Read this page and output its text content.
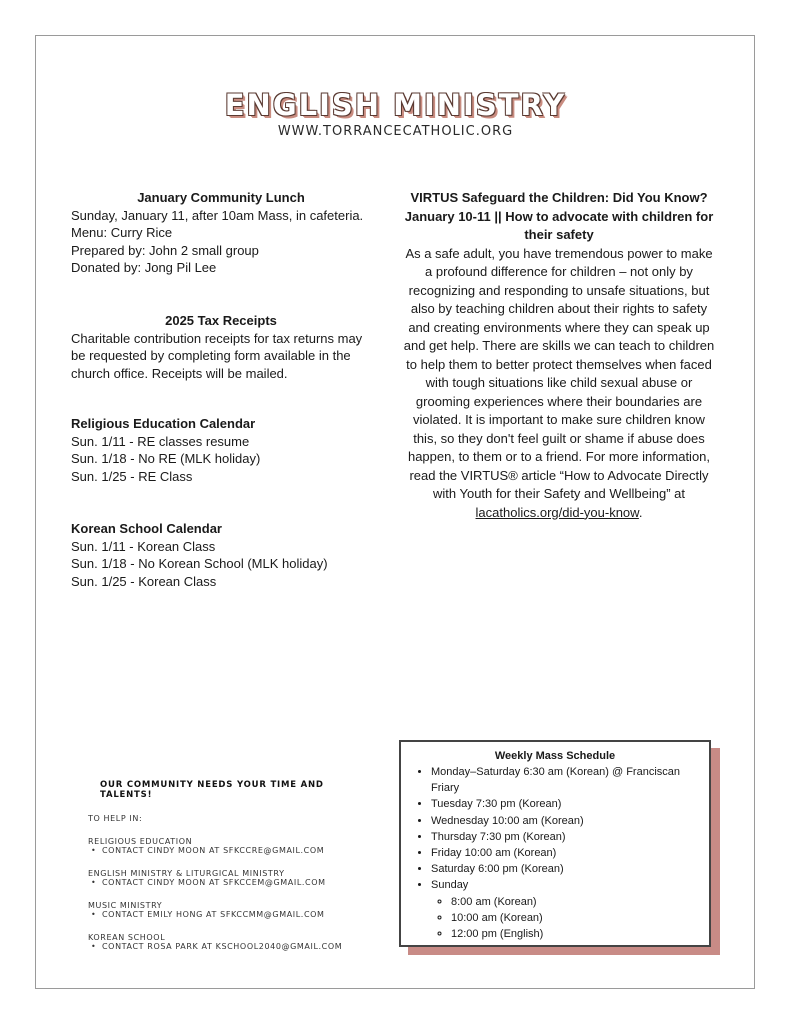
ENGLISH MINISTRY
WWW.TORRANCECATHOLIC.ORG
January Community Lunch
Sunday, January 11, after 10am Mass, in cafeteria.
Menu: Curry Rice
Prepared by: John 2 small group
Donated by: Jong Pil Lee
2025 Tax Receipts
Charitable contribution receipts for tax returns may
be requested by completing form available in the
church office. Receipts will be mailed.
Religious Education Calendar
Sun. 1/11 - RE classes resume
Sun. 1/18 - No RE (MLK holiday)
Sun. 1/25 - RE Class
Korean School Calendar
Sun. 1/11 - Korean Class
Sun. 1/18 - No Korean School (MLK holiday)
Sun. 1/25 - Korean Class
VIRTUS Safeguard the Children: Did You Know?
January 10-11 || How to advocate with children for
their safety
As a safe adult, you have tremendous power to make
a profound difference for children – not only by
recognizing and responding to unsafe situations, but
also by teaching children about their rights to safety
and creating environments where they can speak up
and get help. There are skills we can teach to children
to help them to better protect themselves when faced
with tough situations like child sexual abuse or
grooming experiences where their boundaries are
violated. It is important to make sure children know
this, so they don't feel guilt or shame if abuse does
happen, to them or to a friend. For more information,
read the VIRTUS® article “How to Advocate Directly
with Youth for their Safety and Wellbeing” at
lacatholics.org/did-you-know.
OUR COMMUNITY NEEDS YOUR TIME AND TALENTS!
TO HELP IN:
RELIGIOUS EDUCATION
• CONTACT CINDY MOON AT SFKCCRE@GMAIL.COM
ENGLISH MINISTRY & LITURGICAL MINISTRY
• CONTACT CINDY MOON AT SFKCCEM@GMAIL.COM
MUSIC MINISTRY
• CONTACT EMILY HONG AT SFKCCMM@GMAIL.COM
KOREAN SCHOOL
• CONTACT ROSA PARK AT KSCHOOL2040@GMAIL.COM
Weekly Mass Schedule
• Monday–Saturday 6:30 am (Korean) @ Franciscan Friary
• Tuesday 7:30 pm (Korean)
• Wednesday 10:00 am (Korean)
• Thursday 7:30 pm (Korean)
• Friday 10:00 am (Korean)
• Saturday 6:00 pm (Korean)
• Sunday
◦ 8:00 am (Korean)
◦ 10:00 am (Korean)
◦ 12:00 pm (English)
